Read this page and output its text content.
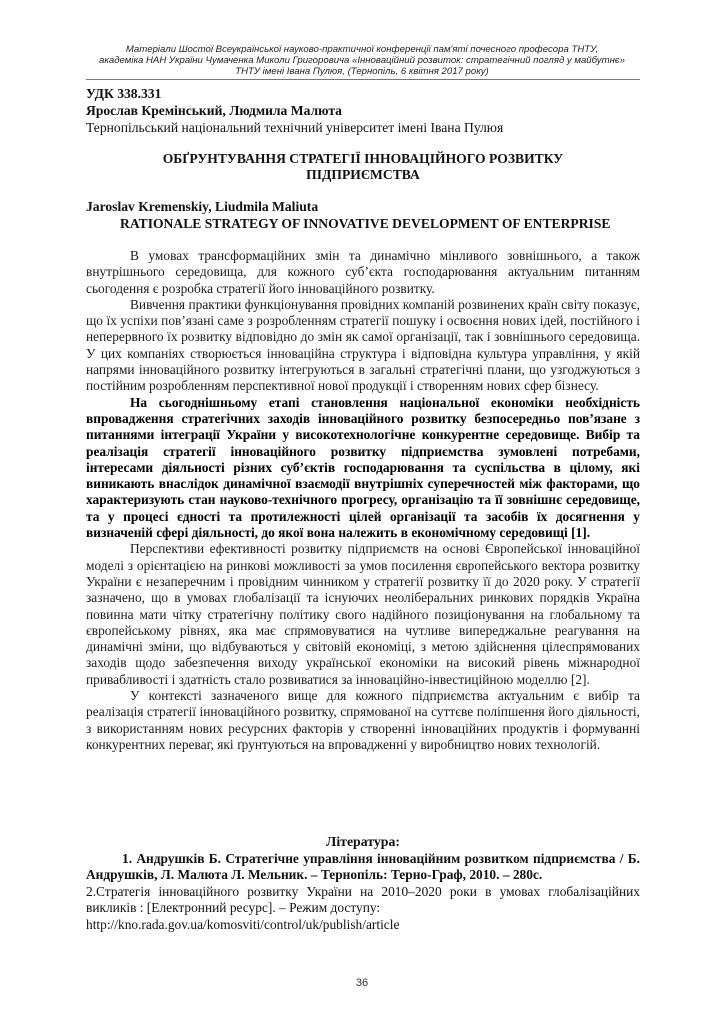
Матеріали Шостої Всеукраїнської науково-практичної конференції пам'яті почесного професора ТНТУ,
академіка НАН України Чумаченка Миколи Григоровича «Інноваційний розвиток: стратегічний погляд у майбутнє»
ТНТУ імені Івана Пулюя, (Тернопіль, 6 квітня 2017 року)
УДК 338.331
Ярослав Кремінський, Людмила Малюта
Тернопільський національний технічний університет імені Івана Пулюя
ОБҐРУНТУВАННЯ СТРАТЕГІЇ ІННОВАЦІЙНОГО РОЗВИТКУ
ПІДПРИЄМСТВА
Jaroslav Kremenskiy, Liudmila Maliuta
RATIONALE STRATEGY OF INNOVATIVE DEVELOPMENT OF ENTERPRISE

В умовах трансформаційних змін та динамічно мінливого зовнішнього, а також внутрішнього середовища, для кожного суб’єкта господарювання актуальним питанням сьогодення є розробка стратегії його інноваційного розвитку.

Вивчення практики функціонування провідних компаній розвинених країн світу показує, що їх успіхи пов’язані саме з розробленням стратегії пошуку і освоєння нових ідей, постійного і неперервного їх розвитку відповідно до змін як самої організації, так і зовнішнього середовища. У цих компаніях створюється інноваційна структура і відповідна культура управління, у якій напрями інноваційного розвитку інтегруються в загальні стратегічні плани, що узгоджуються з постійним розробленням перспективної нової продукції і створенням нових сфер бізнесу.

На сьогоднішньому етапі становлення національної економіки необхідність впровадження стратегічних заходів інноваційного розвитку безпосередньо пов’язане з питаннями інтеграції України у високотехнологічне конкурентне середовище. Вибір та реалізація стратегії інноваційного розвитку підприємства зумовлені потребами, інтересами діяльності різних суб’єктів господарювання та суспільства в цілому, які виникають внаслідок динамічної взаємодії внутрішніх суперечностей між факторами, що характеризують стан науково-технічного прогресу, організацію та її зовнішнє середовище, та у процесі єдності та протилежності цілей організації та засобів їх досягнення у визначеній сфері діяльності, до якої вона належить в економічному середовищі [1].

Перспективи ефективності розвитку підприємств на основі Європейської інноваційної моделі з орієнтацією на ринкові можливості за умов посилення європейського вектора розвитку України є незаперечним і провідним чинником у стратегії розвитку її до 2020 року. У стратегії зазначено, що в умовах глобалізації та існуючих неоліберальних ринкових порядків Україна повинна мати чітку стратегічну політику свого надійного позиціонування на глобальному та європейському рівнях, яка має спрямовуватися на чутливе випереджальне реагування на динамічні зміни, що відбуваються у світовій економіці, з метою здійснення цілеспрямованих заходів щодо забезпечення виходу української економіки на високий рівень міжнародної привабливості і здатність стало розвиватися за інноваційно-інвестиційною моделлю [2].

У контексті зазначеного вище для кожного підприємства актуальним є вибір та реалізація стратегії інноваційного розвитку, спрямованої на суттєве поліпшення його діяльності, з використанням нових ресурсних факторів у створенні інноваційних продуктів і формуванні конкурентних переваг, які ґрунтуються на впровадженні у виробництво нових технологій.

Література:
1. Андрушків Б. Стратегічне управління інноваційним розвитком підприємства / Б. Андрушків, Л. Малюта Л. Мельник. – Тернопіль: Терно-Граф, 2010. – 280с.
2.Стратегія інноваційного розвитку України на 2010–2020 роки в умовах глобалізаційних викликів : [Електронний ресурс]. – Режим доступу:
http://kno.rada.gov.ua/komosviti/control/uk/publish/article
36
